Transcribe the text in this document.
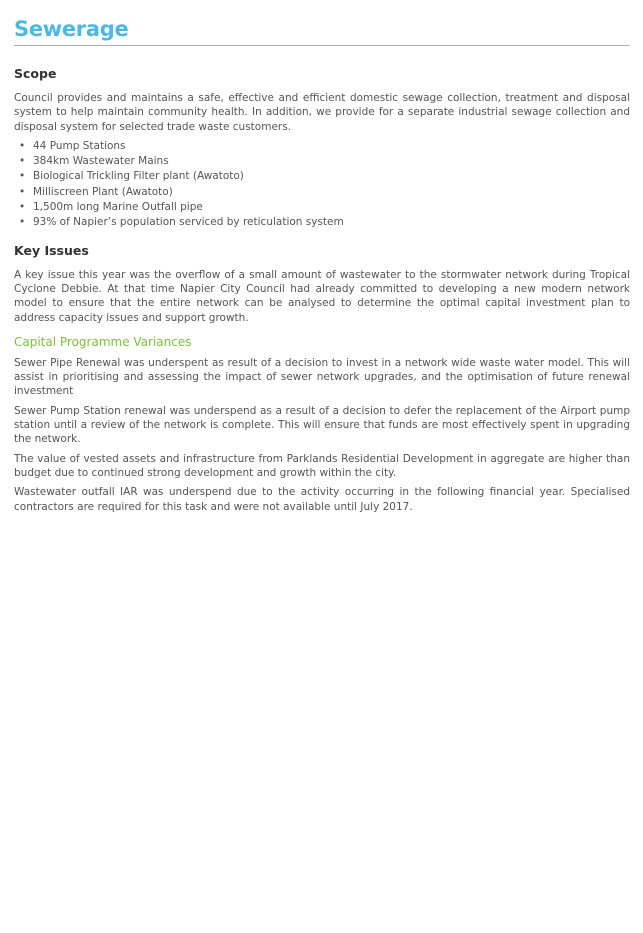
Sewerage
Scope

Council provides and maintains a safe, effective and efficient domestic sewage collection, treatment and disposal system to help maintain community health. In addition, we provide for a separate industrial sewage collection and disposal system for selected trade waste customers.

• 44 Pump Stations
• 384km Wastewater Mains
• Biological Trickling Filter plant (Awatoto)
• Milliscreen Plant (Awatoto)
• 1,500m long Marine Outfall pipe
• 93% of Napier’s population serviced by reticulation system
Key Issues

A key issue this year was the overflow of a small amount of wastewater to the stormwater network during Tropical Cyclone Debbie. At that time Napier City Council had already committed to developing a new modern network model to ensure that the entire network can be analysed to determine the optimal capital investment plan to address capacity issues and support growth.

Capital Programme Variances

Sewer Pipe Renewal was underspent as result of a decision to invest in a network wide waste water model. This will assist in prioritising and assessing the impact of sewer network upgrades, and the optimisation of future renewal investment

Sewer Pump Station renewal was underspend as a result of a decision to defer the replacement of the Airport pump station until a review of the network is complete. This will ensure that funds are most effectively spent in upgrading the network.

The value of vested assets and infrastructure from Parklands Residential Development in aggregate are higher than budget due to continued strong development and growth within the city.

Wastewater outfall IAR was underspend due to the activity occurring in the following financial year. Specialised contractors are required for this task and were not available until July 2017.
